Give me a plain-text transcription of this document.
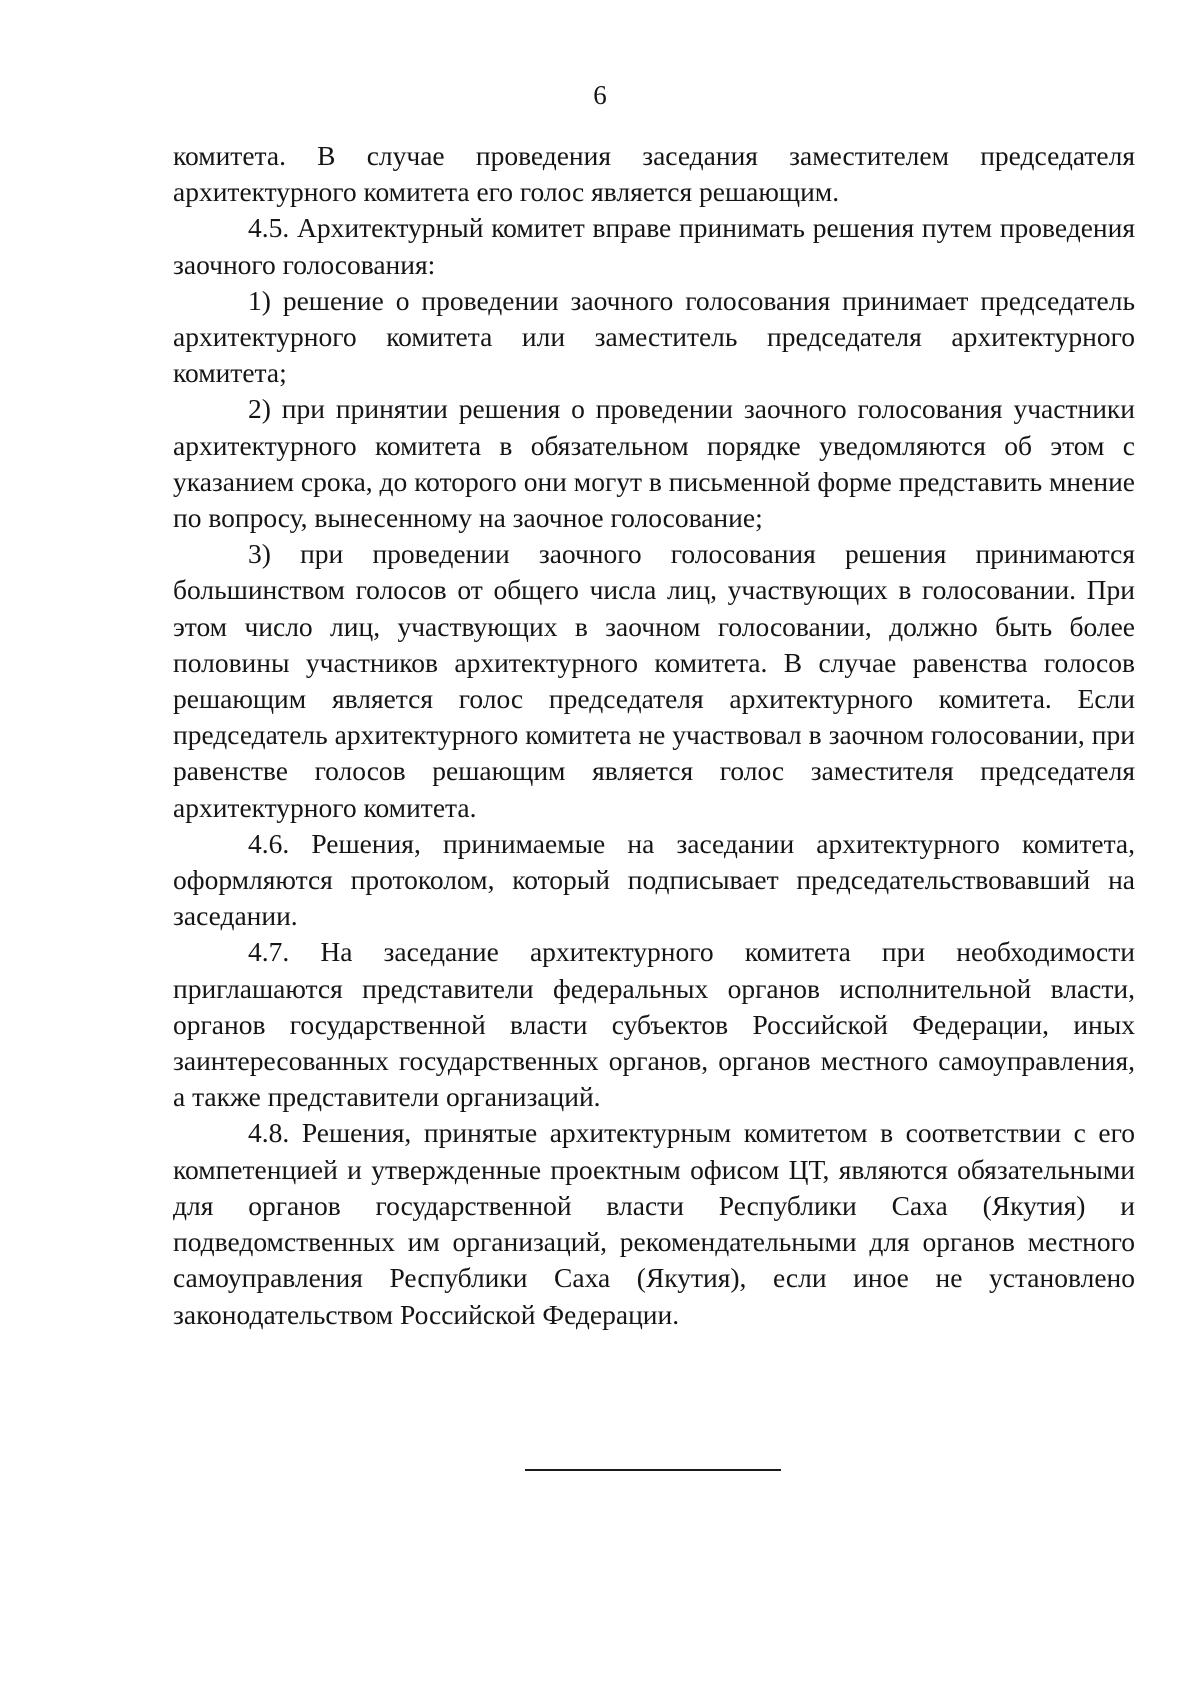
6

комитета. В случае проведения заседания заместителем председателя архитектурного комитета его голос является решающим.

4.5. Архитектурный комитет вправе принимать решения путем проведения заочного голосования:

1) решение о проведении заочного голосования принимает председатель архитектурного комитета или заместитель председателя архитектурного комитета;

2) при принятии решения о проведении заочного голосования участники архитектурного комитета в обязательном порядке уведомляются об этом с указанием срока, до которого они могут в письменной форме представить мнение по вопросу, вынесенному на заочное голосование;

3) при проведении заочного голосования решения принимаются большинством голосов от общего числа лиц, участвующих в голосовании. При этом число лиц, участвующих в заочном голосовании, должно быть более половины участников архитектурного комитета. В случае равенства голосов решающим является голос председателя архитектурного комитета. Если председатель архитектурного комитета не участвовал в заочном голосовании, при равенстве голосов решающим является голос заместителя председателя архитектурного комитета.

4.6. Решения, принимаемые на заседании архитектурного комитета, оформляются протоколом, который подписывает председательствовавший на заседании.

4.7. На заседание архитектурного комитета при необходимости приглашаются представители федеральных органов исполнительной власти, органов государственной власти субъектов Российской Федерации, иных заинтересованных государственных органов, органов местного самоуправления, а также представители организаций.

4.8. Решения, принятые архитектурным комитетом в соответствии с его компетенцией и утвержденные проектным офисом ЦТ, являются обязательными для органов государственной власти Республики Саха (Якутия) и подведомственных им организаций, рекомендательными для органов местного самоуправления Республики Саха (Якутия), если иное не установлено законодательством Российской Федерации.
